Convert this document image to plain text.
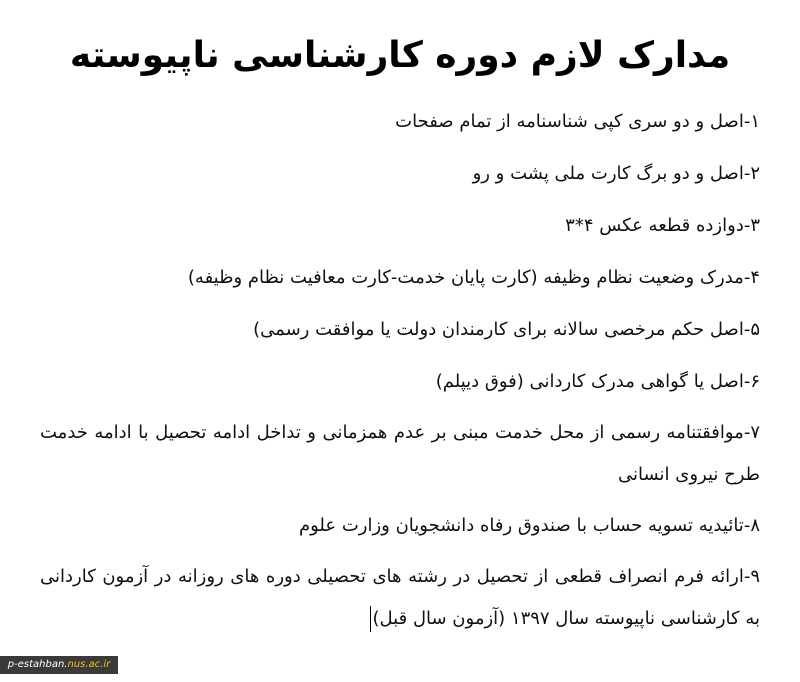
مدارک لازم دوره کارشناسی ناپیوسته
۱-اصل و دو سری کپی شناسنامه از تمام صفحات
۲-اصل و دو برگ کارت ملی پشت و رو
۳-دوازده قطعه عکس ۴*۳
۴-مدرک وضعیت نظام وظیفه (کارت پایان خدمت-کارت معافیت نظام وظیفه)
۵-اصل حکم مرخصی سالانه برای کارمندان دولت یا موافقت رسمی)
۶-اصل یا گواهی مدرک کاردانی (فوق دیپلم)
۷-موافقتنامه رسمی از محل خدمت مبنی بر عدم همزمانی و تداخل ادامه تحصیل با ادامه خدمت طرح نیروی انسانی
۸-تائیدیه تسویه حساب با صندوق رفاه دانشجویان وزارت علوم
۹-ارائه فرم انصراف قطعی از تحصیل در رشته های تحصیلی دوره های روزانه در آزمون کاردانی به کارشناسی ناپیوسته سال ۱۳۹۷ (آزمون سال قبل)
p-estahban.nus.ac.ir
